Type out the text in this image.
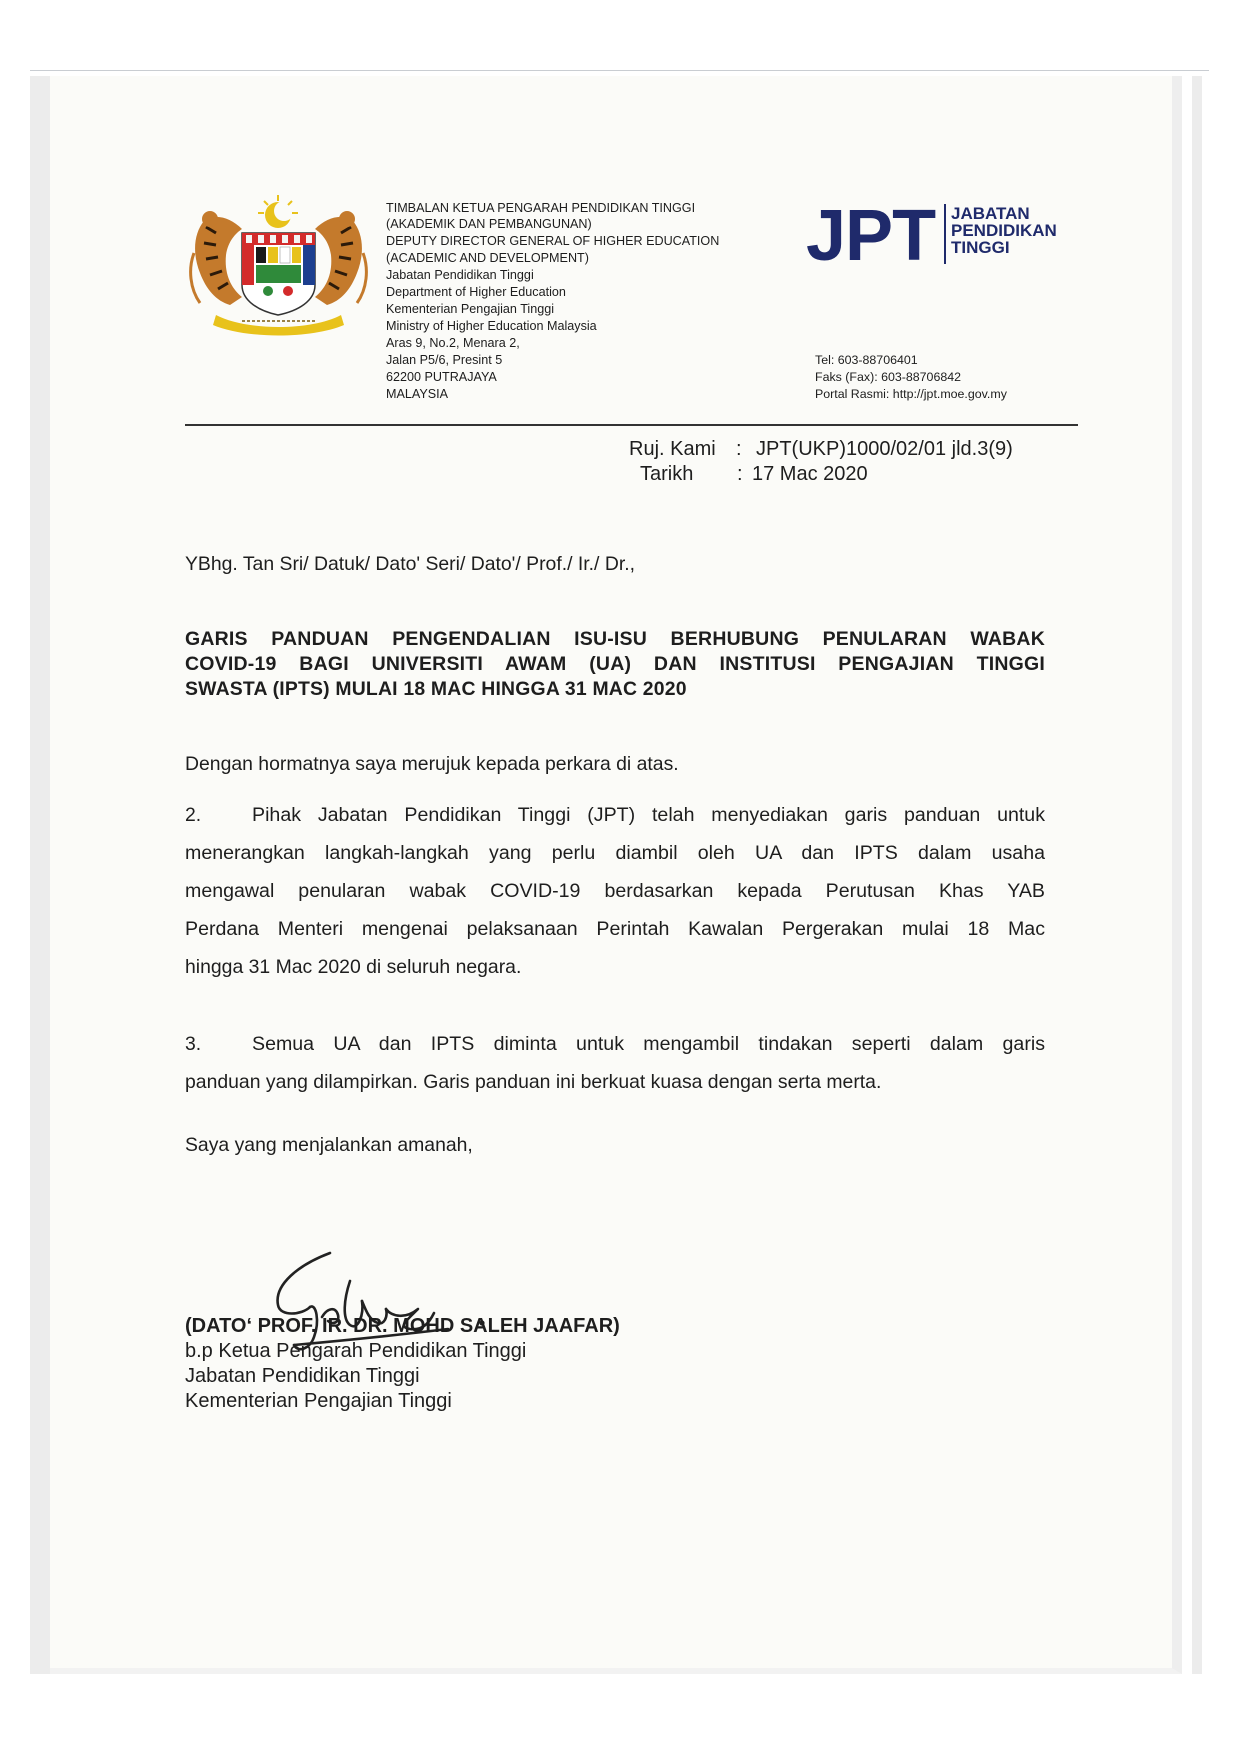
TIMBALAN KETUA PENGARAH PENDIDIKAN TINGGI
(AKADEMIK DAN PEMBANGUNAN)
DEPUTY DIRECTOR GENERAL OF HIGHER EDUCATION
(ACADEMIC AND DEVELOPMENT)
Jabatan Pendidikan Tinggi
Department of Higher Education
Kementerian Pengajian Tinggi
Ministry of Higher Education Malaysia
Aras 9, No.2, Menara 2,
Jalan P5/6, Presint 5
62200 PUTRAJAYA
MALAYSIA
JPT JABATAN
PENDIDIKAN
TINGGI
Tel: 603-88706401
Faks (Fax): 603-88706842
Portal Rasmi: http://jpt.moe.gov.my
Ruj. Kami : JPT(UKP)1000/02/01 jld.3(9)
Tarikh : 17 Mac 2020
YBhg. Tan Sri/ Datuk/ Dato' Seri/ Dato'/ Prof./ Ir./ Dr.,
GARIS PANDUAN PENGENDALIAN ISU-ISU BERHUBUNG PENULARAN WABAK
COVID-19 BAGI UNIVERSITI AWAM (UA) DAN INSTITUSI PENGAJIAN TINGGI
SWASTA (IPTS) MULAI 18 MAC HINGGA 31 MAC 2020
Dengan hormatnya saya merujuk kepada perkara di atas.
2.	Pihak Jabatan Pendidikan Tinggi (JPT) telah menyediakan garis panduan untuk
menerangkan langkah-langkah yang perlu diambil oleh UA dan IPTS dalam usaha
mengawal penularan wabak COVID-19 berdasarkan kepada Perutusan Khas YAB
Perdana Menteri mengenai pelaksanaan Perintah Kawalan Pergerakan mulai 18 Mac
hingga 31 Mac 2020 di seluruh negara.
3.	Semua UA dan IPTS diminta untuk mengambil tindakan seperti dalam garis
panduan yang dilampirkan. Garis panduan ini berkuat kuasa dengan serta merta.
Saya yang menjalankan amanah,
(DATO‘ PROF. IR. DR. MOHD SALEH JAAFAR)
b.p Ketua Pengarah Pendidikan Tinggi
Jabatan Pendidikan Tinggi
Kementerian Pengajian Tinggi
